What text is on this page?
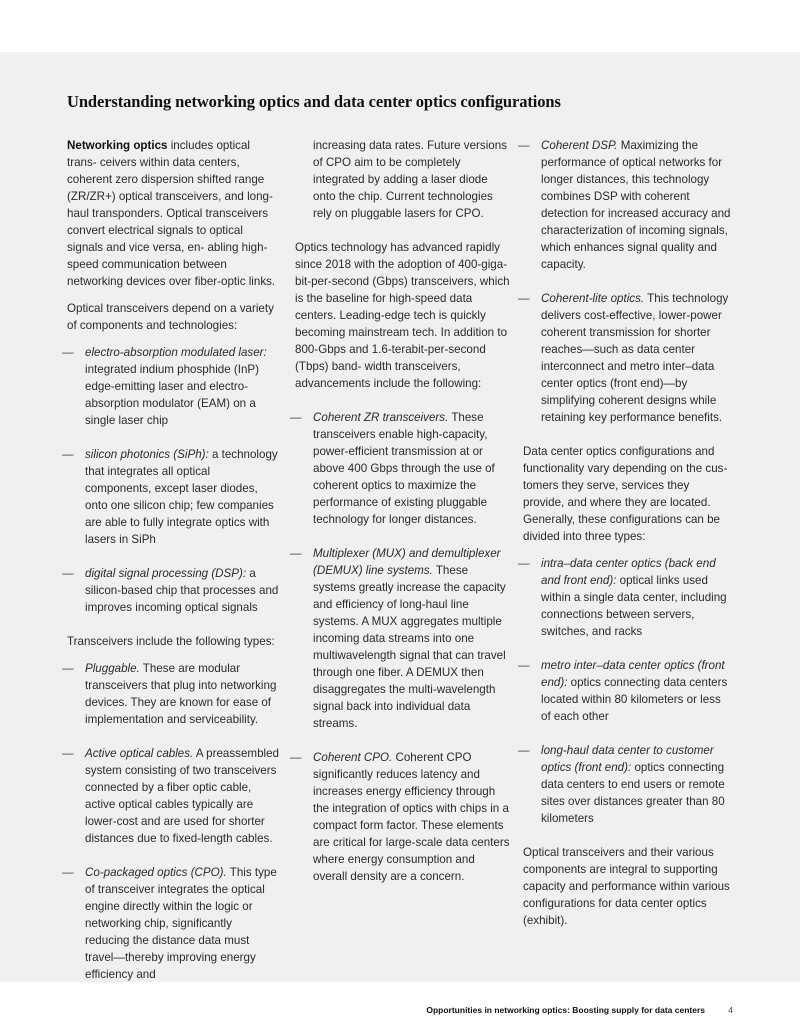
Understanding networking optics and data center optics configurations

Networking optics includes optical trans- ceivers within data centers, coherent zero dispersion shifted range (ZR/ZR+) optical transceivers, and long-haul transponders. Optical transceivers convert electrical signals to optical signals and vice versa, en- abling high-speed communication between networking devices over fiber-optic links.

Optical transceivers depend on a variety of components and technologies:

— electro-absorption modulated laser: integrated indium phosphide (InP) edge-emitting laser and electro- absorption modulator (EAM) on a single laser chip
— silicon photonics (SiPh): a technology that integrates all optical components, except laser diodes, onto one silicon chip; few companies are able to fully integrate optics with lasers in SiPh
— digital signal processing (DSP): a silicon-based chip that processes and improves incoming optical signals

Transceivers include the following types:

— Pluggable. These are modular transceivers that plug into networking devices. They are known for ease of implementation and serviceability.
— Active optical cables. A preassembled system consisting of two transceivers connected by a fiber optic cable, active optical cables typically are lower-cost and are used for shorter distances due to fixed-length cables.
— Co-packaged optics (CPO). This type of transceiver integrates the optical engine directly within the logic or networking chip, significantly reducing the distance data must travel—thereby improving energy efficiency and
increasing data rates. Future versions of CPO aim to be completely integrated by adding a laser diode onto the chip. Current technologies rely on pluggable lasers for CPO.

Optics technology has advanced rapidly since 2018 with the adoption of 400-giga- bit-per-second (Gbps) transceivers, which is the baseline for high-speed data centers. Leading-edge tech is quickly becoming mainstream tech. In addition to 800-Gbps and 1.6-terabit-per-second (Tbps) band- width transceivers, advancements include the following:

— Coherent ZR transceivers. These transceivers enable high-capacity, power-efficient transmission at or above 400 Gbps through the use of coherent optics to maximize the performance of existing pluggable technology for longer distances.
— Multiplexer (MUX) and demultiplexer (DEMUX) line systems. These systems greatly increase the capacity and efficiency of long-haul line systems. A MUX aggregates multiple incoming data streams into one multiwavelength signal that can travel through one fiber. A DEMUX then disaggregates the multi-wavelength signal back into individual data streams.
— Coherent CPO. Coherent CPO significantly reduces latency and increases energy efficiency through the integration of optics with chips in a compact form factor. These elements are critical for large-scale data centers where energy consumption and overall density are a concern.
— Coherent DSP. Maximizing the performance of optical networks for longer distances, this technology combines DSP with coherent detection for increased accuracy and characterization of incoming signals, which enhances signal quality and capacity.
— Coherent-lite optics. This technology delivers cost-effective, lower-power coherent transmission for shorter reaches—such as data center interconnect and metro inter–data center optics (front end)—by simplifying coherent designs while retaining key performance benefits.

Data center optics configurations and functionality vary depending on the cus- tomers they serve, services they provide, and where they are located. Generally, these configurations can be divided into three types:

— intra–data center optics (back end and front end): optical links used within a single data center, including connections between servers, switches, and racks
— metro inter–data center optics (front end): optics connecting data centers located within 80 kilometers or less of each other
— long-haul data center to customer optics (front end): optics connecting data centers to end users or remote sites over distances greater than 80 kilometers

Optical transceivers and their various components are integral to supporting capacity and performance within various configurations for data center optics (exhibit).

Opportunities in networking optics: Boosting supply for data centers	4
